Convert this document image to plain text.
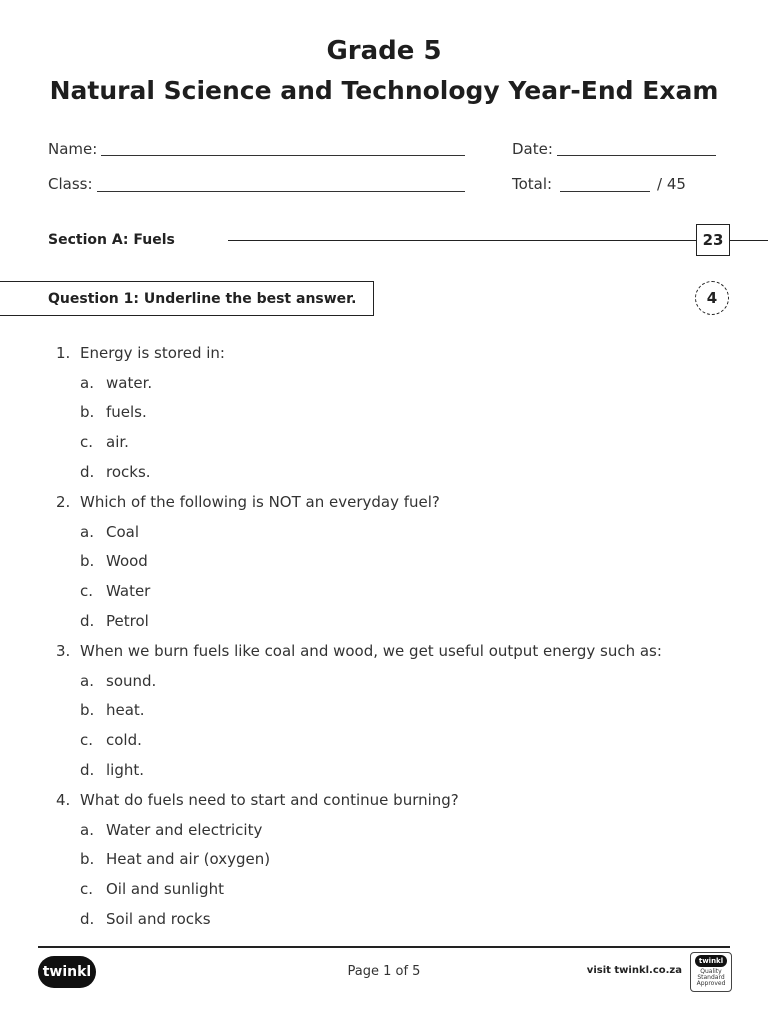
Grade 5
Natural Science and Technology Year-End Exam
Name:	Date:
Class:	Total:	/ 45
Section A: Fuels	23
Question 1: Underline the best answer.	4
1. Energy is stored in:
a. water.
b. fuels.
c. air.
d. rocks.
2. Which of the following is NOT an everyday fuel?
a. Coal
b. Wood
c. Water
d. Petrol
3. When we burn fuels like coal and wood, we get useful output energy such as:
a. sound.
b. heat.
c. cold.
d. light.
4. What do fuels need to start and continue burning?
a. Water and electricity
b. Heat and air (oxygen)
c. Oil and sunlight
d. Soil and rocks
twinkl	Page 1 of 5	visit twinkl.co.za
twinkl
Quality Standard Approved
